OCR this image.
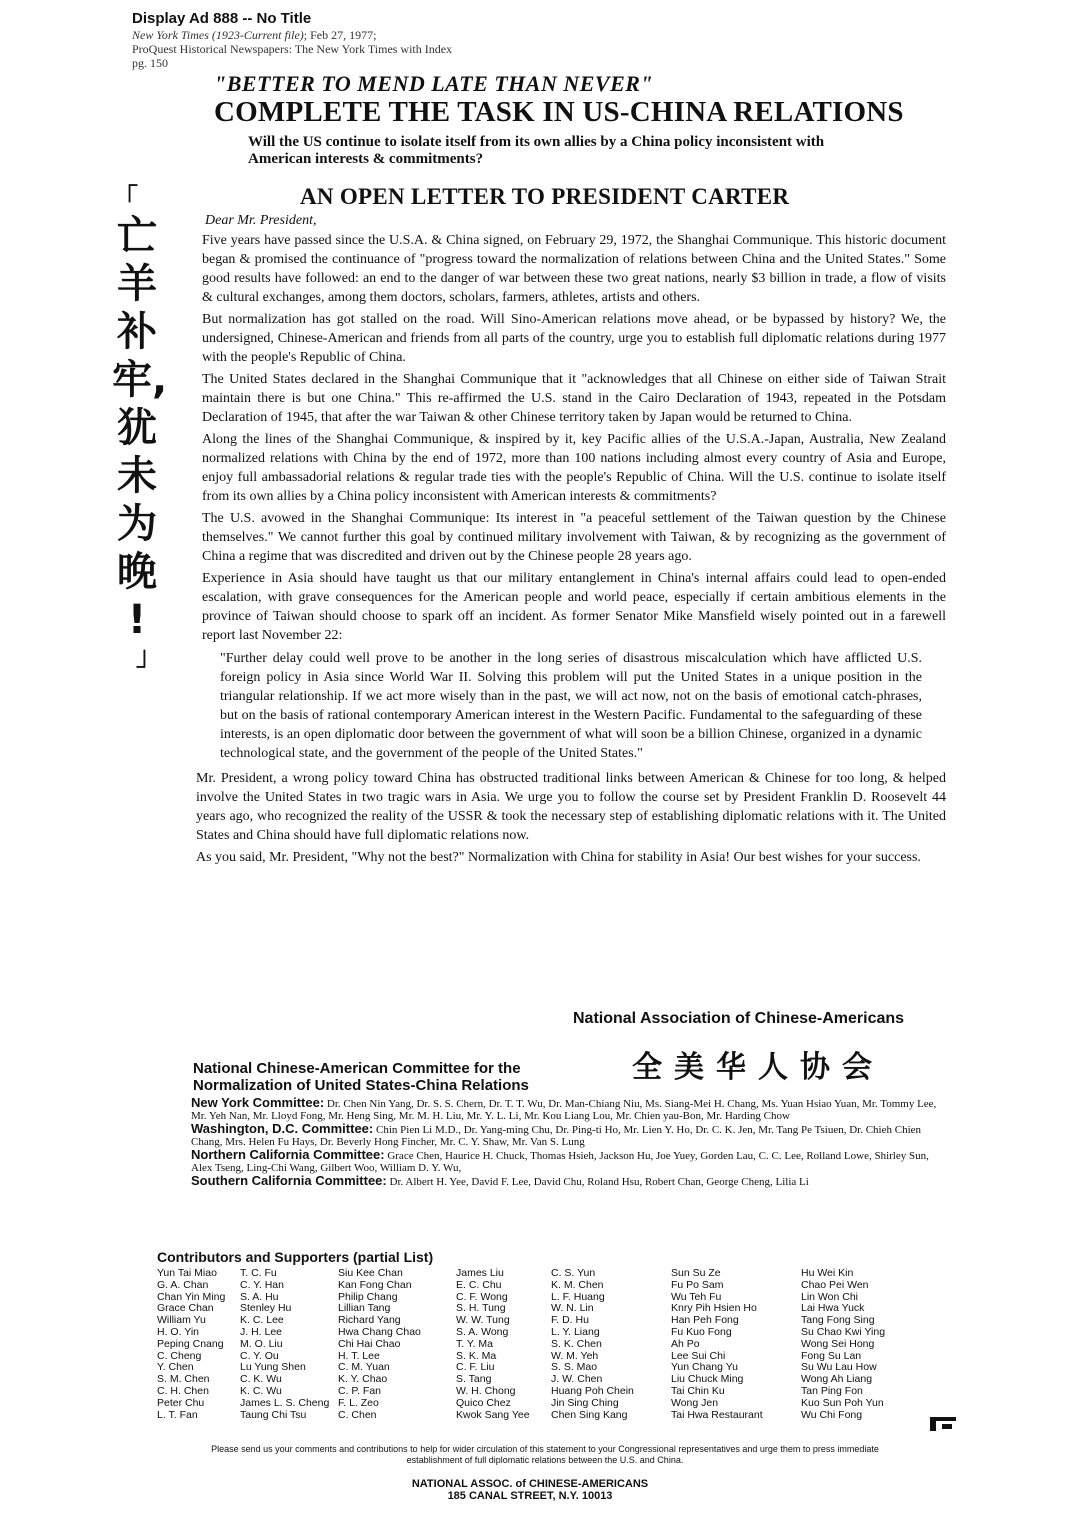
Display Ad 888 -- No Title
New York Times (1923-Current file); Feb 27, 1977;
ProQuest Historical Newspapers: The New York Times with Index
pg. 150
"BETTER TO MEND LATE THAN NEVER"
COMPLETE THE TASK IN US-CHINA RELATIONS
Will the US continue to isolate itself from its own allies by a China policy inconsistent with American interests & commitments?
「
亡
羊
补
牢,
犹
未
为
晚
!
」
AN OPEN LETTER TO PRESIDENT CARTER
Dear Mr. President,

Five years have passed since the U.S.A. & China signed, on February 29, 1972, the Shanghai Communique. This historic document began & promised the continuance of "progress toward the normalization of relations between China and the United States." Some good results have followed: an end to the danger of war between these two great nations, nearly $3 billion in trade, a flow of visits & cultural exchanges, among them doctors, scholars, farmers, athletes, artists and others.

But normalization has got stalled on the road. Will Sino-American relations move ahead, or be bypassed by history? We, the undersigned, Chinese-American and friends from all parts of the country, urge you to establish full diplomatic relations during 1977 with the people's Republic of China.

The United States declared in the Shanghai Communique that it "acknowledges that all Chinese on either side of Taiwan Strait maintain there is but one China." This re-affirmed the U.S. stand in the Cairo Declaration of 1943, repeated in the Potsdam Declaration of 1945, that after the war Taiwan & other Chinese territory taken by Japan would be returned to China.

Along the lines of the Shanghai Communique, & inspired by it, key Pacific allies of the U.S.A.-Japan, Australia, New Zealand normalized relations with China by the end of 1972, more than 100 nations including almost every country of Asia and Europe, enjoy full ambassadorial relations & regular trade ties with the people's Republic of China. Will the U.S. continue to isolate itself from its own allies by a China policy inconsistent with American interests & commitments?

The U.S. avowed in the Shanghai Communique: Its interest in "a peaceful settlement of the Taiwan question by the Chinese themselves." We cannot further this goal by continued military involvement with Taiwan, & by recognizing as the government of China a regime that was discredited and driven out by the Chinese people 28 years ago.

Experience in Asia should have taught us that our military entanglement in China's internal affairs could lead to open-ended escalation, with grave consequences for the American people and world peace, especially if certain ambitious elements in the province of Taiwan should choose to spark off an incident. As former Senator Mike Mansfield wisely pointed out in a farewell report last November 22:

"Further delay could well prove to be another in the long series of disastrous miscalculation which have afflicted U.S. foreign policy in Asia since World War II. Solving this problem will put the United States in a unique position in the triangular relationship. If we act more wisely than in the past, we will act now, not on the basis of emotional catch-phrases, but on the basis of rational contemporary American interest in the Western Pacific. Fundamental to the safeguarding of these interests, is an open diplomatic door between the government of what will soon be a billion Chinese, organized in a dynamic technological state, and the government of the people of the United States."

Mr. President, a wrong policy toward China has obstructed traditional links between American & Chinese for too long, & helped involve the United States in two tragic wars in Asia. We urge you to follow the course set by President Franklin D. Roosevelt 44 years ago, who recognized the reality of the USSR & took the necessary step of establishing diplomatic relations with it. The United States and China should have full diplomatic relations now.

As you said, Mr. President, "Why not the best?" Normalization with China for stability in Asia! Our best wishes for your success.

National Association of Chinese-Americans
全美华人协会
National Chinese-American Committee for the
Normalization of United States-China Relations

New York Committee: Dr. Chen Nin Yang, Dr. S. S. Chern, Dr. T. T. Wu, Dr. Man-Chiang Niu, Ms. Siang-Mei H. Chang, Ms. Yuan Hsiao Yuan, Mr. Tommy Lee, Mr. Yeh Nan, Mr. Lloyd Fong, Mr. Heng Sing, Mr. M. H. Liu, Mr. Y. L. Li, Mr. Kou Liang Lou, Mr. Chien yau-Bon, Mr. Harding Chow

Washington, D.C. Committee: Chin Pien Li M.D., Dr. Yang-ming Chu, Dr. Ping-ti Ho, Mr. Lien Y. Ho, Dr. C. K. Jen, Mr. Tang Pe Tsiuen, Dr. Chieh Chien Chang, Mrs. Helen Fu Hays, Dr. Beverly Hong Fincher, Mr. C. Y. Shaw, Mr. Van S. Lung

Northern California Committee: Grace Chen, Haurice H. Chuck, Thomas Hsieh, Jackson Hu, Joe Yuey, Gorden Lau, C. C. Lee, Rolland Lowe, Shirley Sun, Alex Tseng, Ling-Chi Wang, Gilbert Woo, William D. Y. Wu,

Southern California Committee: Dr. Albert H. Yee, David F. Lee, David Chu, Roland Hsu, Robert Chan, George Cheng, Lilia Li

Contributors and Supporters (partial List)
Yun Tai Miao
G. A. Chan
Chan Yin Ming
Grace Chan
William Yu
H. O. Yin
Peping Cnang
C. Cheng
Y. Chen
S. M. Chen
C. H. Chen
Peter Chu
L. T. Fan
T. C. Fu
C. Y. Han
S. A. Hu
Stenley Hu
K. C. Lee
J. H. Lee
M. O. Liu
C. Y. Ou
Lu Yung Shen
C. K. Wu
K. C. Wu
James L. S. Cheng
Taung Chi Tsu
Siu Kee Chan
Kan Fong Chan
Philip Chang
Lillian Tang
Richard Yang
Hwa Chang Chao
Chi Hai Chao
H. T. Lee
C. M. Yuan
K. Y. Chao
C. P. Fan
F. L. Zeo
C. Chen
James Liu
E. C. Chu
C. F. Wong
S. H. Tung
W. W. Tung
S. A. Wong
T. Y. Ma
S. K. Ma
C. F. Liu
S. Tang
W. H. Chong
Quico Chez
Kwok Sang Yee
C. S. Yun
K. M. Chen
L. F. Huang
W. N. Lin
F. D. Hu
L. Y. Liang
S. K. Chen
W. M. Yeh
S. S. Mao
J. W. Chen
Huang Poh Chein
Jin Sing Ching
Chen Sing Kang
Sun Su Ze
Fu Po Sam
Wu Teh Fu
Knry Pih Hsien Ho
Han Peh Fong
Fu Kuo Fong
Ah Po
Lee Sui Chi
Yun Chang Yu
Liu Chuck Ming
Tai Chin Ku
Wong Jen
Tai Hwa Restaurant
Hu Wei Kin
Chao Pei Wen
Lin Won Chi
Lai Hwa Yuck
Tang Fong Sing
Su Chao Kwi Ying
Wong Sei Hong
Fong Su Lan
Su Wu Lau How
Wong Ah Liang
Tan Ping Fon
Kuo Sun Poh Yun
Wu Chi Fong
Please send us your comments and contributions to help for wider circulation of this statement to your Congressional representatives and urge them to press immediate establishment of full diplomatic relations between the U.S. and China.
NATIONAL ASSOC. of CHINESE-AMERICANS
185 CANAL STREET, N.Y. 10013
